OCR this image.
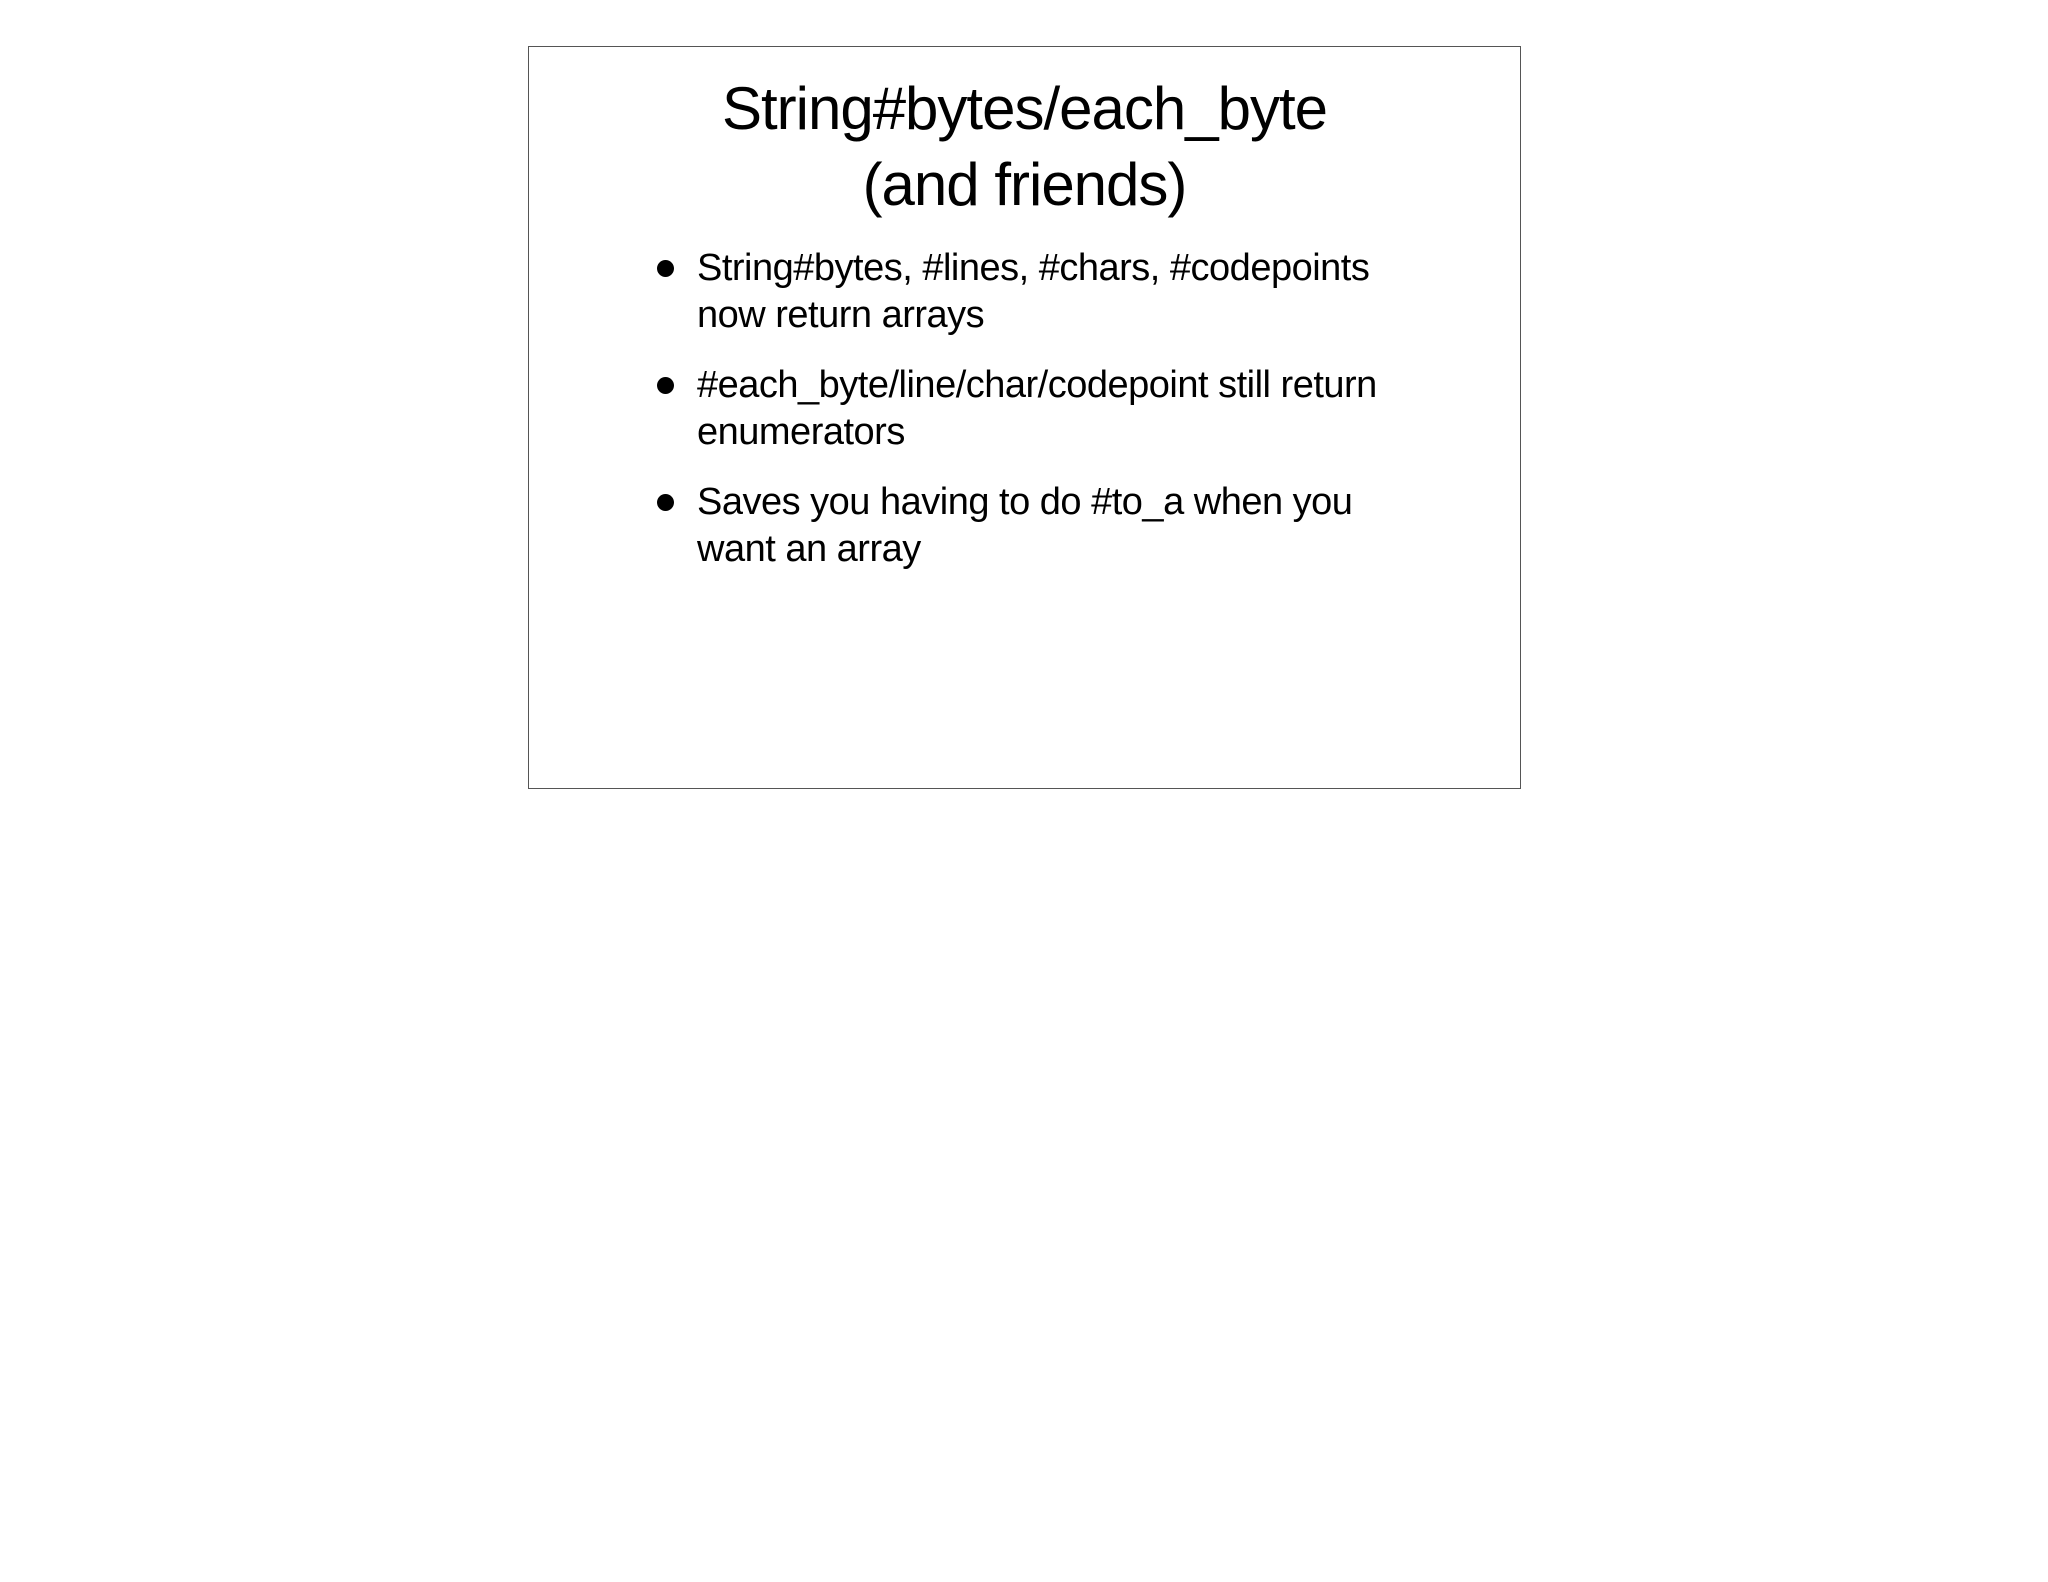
String#bytes/each_byte
(and friends)
String#bytes, #lines, #chars, #codepoints
now return arrays
#each_byte/line/char/codepoint still return
enumerators
Saves you having to do #to_a when you
want an array
